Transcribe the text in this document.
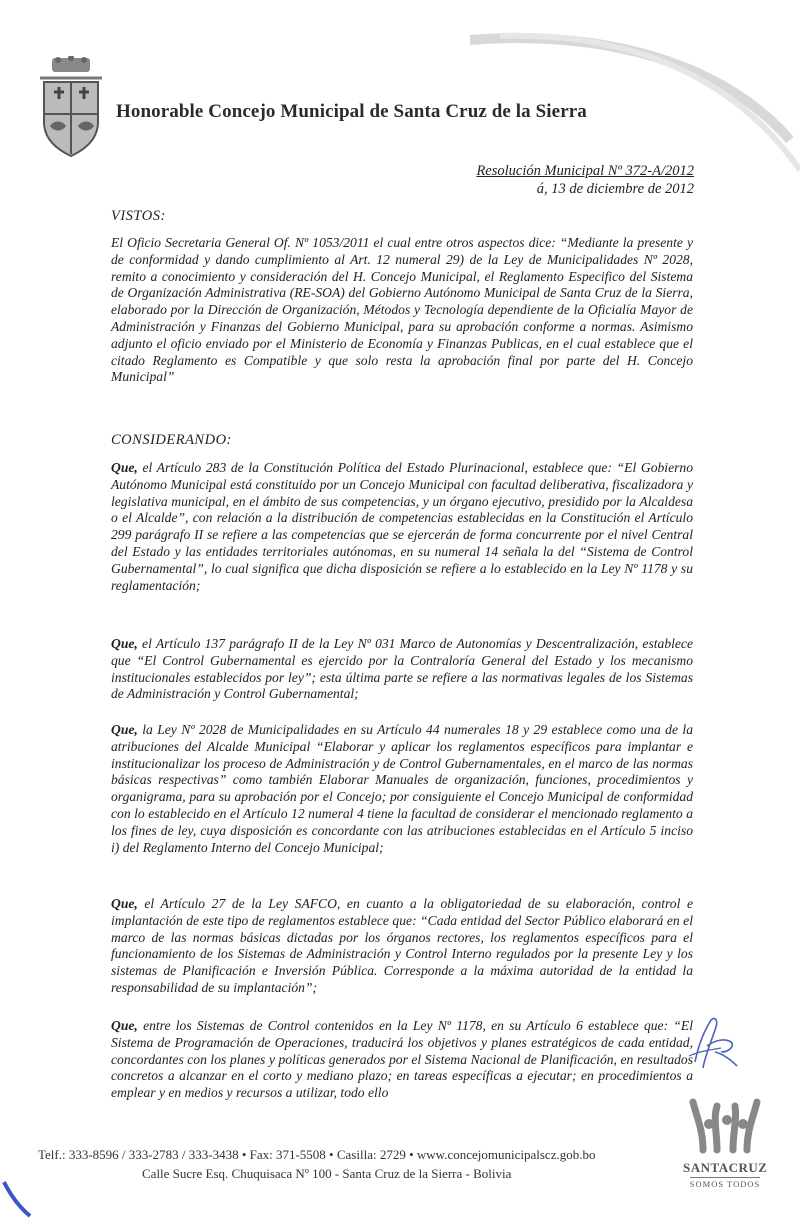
Honorable Concejo Municipal de Santa Cruz de la Sierra
Resolución Municipal Nº 372-A/2012
á, 13 de diciembre de 2012
VISTOS:
El Oficio Secretaria General Of. Nº 1053/2011 el cual entre otros aspectos dice: “Mediante la presente y de conformidad y dando cumplimiento al Art. 12 numeral 29) de la Ley de Municipalidades Nº 2028, remito a conocimiento y consideración del H. Concejo Municipal, el Reglamento Especifico del Sistema de Organización Administrativa (RE-SOA) del Gobierno Autónomo Municipal de Santa Cruz de la Sierra, elaborado por la Dirección de Organización, Métodos y Tecnología dependiente de la Oficialía Mayor de Administración y Finanzas del Gobierno Municipal, para su aprobación conforme a normas. Asimismo adjunto el oficio enviado por el Ministerio de Economía y Finanzas Publicas, en el cual establece que el citado Reglamento es Compatible y que solo resta la aprobación final por parte del H. Concejo Municipal”
CONSIDERANDO:
Que, el Artículo 283 de la Constitución Política del Estado Plurinacional, establece que: “El Gobierno Autónomo Municipal está constituido por un Concejo Municipal con facultad deliberativa, fiscalizadora y legislativa municipal, en el ámbito de sus competencias, y un órgano ejecutivo, presidido por la Alcaldesa o el Alcalde”, con relación a la distribución de competencias establecidas en la Constitución el Artículo 299 parágrafo II se refiere a las competencias que se ejercerán de forma concurrente por el nivel Central del Estado y las entidades territoriales autónomas, en su numeral 14 señala la del “Sistema de Control Gubernamental”, lo cual significa que dicha disposición se refiere a lo establecido en la Ley Nº 1178 y su reglamentación;
Que, el Artículo 137 parágrafo II de la Ley Nº 031 Marco de Autonomías y Descentralización, establece que “El Control Gubernamental es ejercido por la Contraloría General del Estado y los mecanismo institucionales establecidos por ley”; esta última parte se refiere a las normativas legales de los Sistemas de Administración y Control Gubernamental;
Que, la Ley Nº 2028 de Municipalidades en su Artículo 44 numerales 18 y 29 establece como una de la atribuciones del Alcalde Municipal “Elaborar y aplicar los reglamentos específicos para implantar e institucionalizar los proceso de Administración y de Control Gubernamentales, en el marco de las normas básicas respectivas” como también Elaborar Manuales de organización, funciones, procedimientos y organigrama, para su aprobación por el Concejo; por consiguiente el Concejo Municipal de conformidad con lo establecido en el Artículo 12 numeral 4 tiene la facultad de considerar el mencionado reglamento a los fines de ley, cuya disposición es concordante con las atribuciones establecidas en el Artículo 5 inciso i) del Reglamento Interno del Concejo Municipal;
Que, el Artículo 27 de la Ley SAFCO, en cuanto a la obligatoriedad de su elaboración, control e implantación de este tipo de reglamentos establece que: “Cada entidad del Sector Público elaborará en el marco de las normas básicas dictadas por los órganos rectores, los reglamentos específicos para el funcionamiento de los Sistemas de Administración y Control Interno regulados por la presente Ley y los sistemas de Planificación e Inversión Pública. Corresponde a la máxima autoridad de la entidad la responsabilidad de su implantación”;
Que, entre los Sistemas de Control contenidos en la Ley Nº 1178, en su Artículo 6 establece que: “El Sistema de Programación de Operaciones, traducirá los objetivos y planes estratégicos de cada entidad, concordantes con los planes y políticas generados por el Sistema Nacional de Planificación, en resultados concretos a alcanzar en el corto y mediano plazo; en tareas específicas a ejecutar; en procedimientos a emplear y en medios y recursos a utilizar, todo ello
Telf.: 333-8596 / 333-2783 / 333-3438 • Fax: 371-5508 • Casilla: 2729 • www.concejomunicipalscz.gob.bo
Calle Sucre Esq. Chuquisaca Nº 100 - Santa Cruz de la Sierra - Bolivia	SANTACRUZ
SOMOS TODOS
